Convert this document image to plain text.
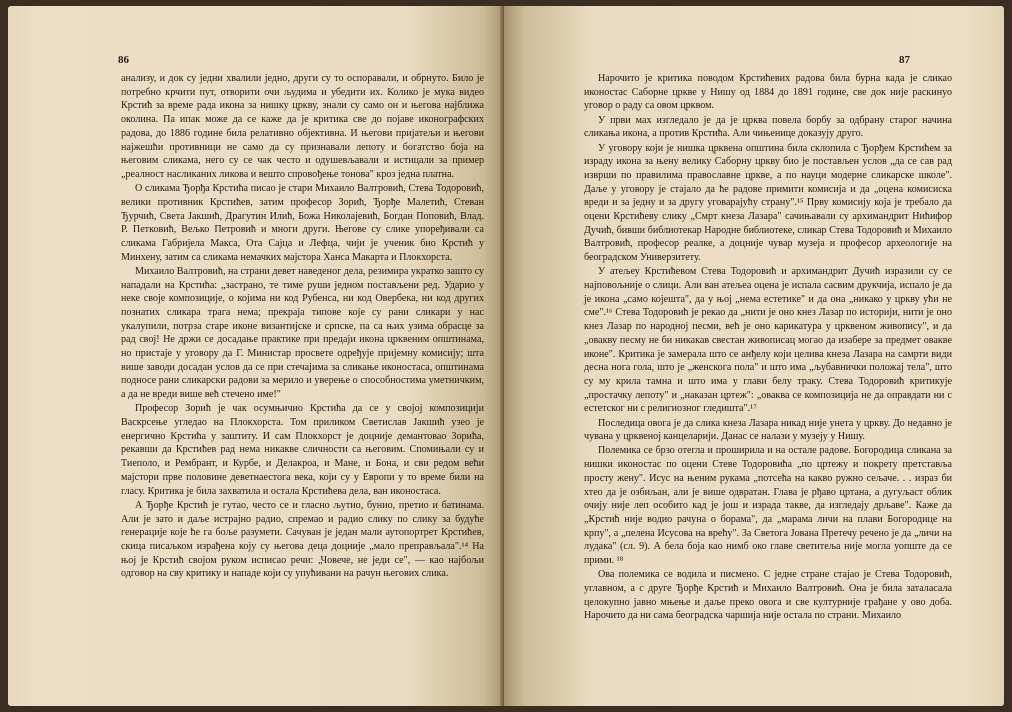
86

анализу, и док су једни хвалили једно, други су то оспоравали, и обрнуто. Било је потребно крчити пут, отворити очи људима и убедити их. Колико је мука видео Крстић за време рада икона за нишку цркву, знали су само он и његова најближа околина. Па ипак може да се каже да је критика све до појаве иконографских радова, до 1886 године била релативно објективна. И његови пријатељи и његови најжешћи противници не само да су признавали лепоту и богатство боја на његовим сликама, него су се чак често и одушевљавали и истицали за пример „реалност насликаних ликова и вешто спровођење тонова" кроз једна платна.

О сликама Ђорђа Крстића писао је стари Михаило Валтровић, Стева Тодоровић, велики противник Крстићев, затим професор Зорић, Ђорђе Малетић, Стеван Ђурчић, Света Јакшић, Драгутин Илић, Божа Николајевић, Богдан Поповић, Влад. Р. Петковић, Вељко Петровић и многи други. Његове су слике упоређивали са сликама Габријела Макса, Ота Сајца и Лефца, чији је ученик био Крстић у Минхену, затим са сликама немачких мајстора Ханса Макарта и Плокхорста.

Михаило Валтровић, на страни девет наведеног дела, резимира укратко зашто су нападали на Крстића: „застрано, те тиме руши једном постављени ред. Ударио у неке своје композиције, о којима ни код Рубенса, ни код Овербека, ни код других познатих сликара трага нема; прекраја типове које су рани сликари у нас укалупили, потрза старе иконе византијске и српске, па са њих узима обрасце за рад свој! Не држи се досадање практике при предаји икона црквеним општинама, но пристаје у уговору да Г. Министар просвете одређује пријемну комисију; шта више заводи досадан услов да се при стечајима за сликање иконостаса, општинама подносе рани сликарски радови за мерило и уверење о способностима уметничким, а да не вреди више већ стечено име!"

Професор Зорић је чак осумњичио Крстића да се у својој композицији Васкрсење угледао на Плокхорста. Том приликом Светислав Јакшић узео је енергично Крстића у заштиту. И сам Плокхорст је доцније демантовао Зорића, рекавши да Крстићев рад нема никакве сличности са његовим. Спомињали су и Тиеполо, и Рембрант, и Курбе, и Делакроа, и Мане, и Бона, и сви редом већи мајстори прве половине деветнаестога века, који су у Европи у то време били на гласу. Критика је била захватила и остала Крстићева дела, ван иконостаса.

А Ђорђе Крстић је гутао, често се и гласно љутио, бунио, претио и батинама. Али је зато и даље истрајно радио, спремао и радио слику по слику за будуће генерације које ће га боље разумети. Сачуван је један мали аутопортрет Крстићев, скица писаљком израђена коју су његова деца доцније „мало преправљала".¹⁴ На њој је Крстић својом руком исписао речи: „Човече, не једи се", — као најбољи одговор на сву критику и нападе који су упућивани на рачун његових слика.

87

Нарочито је критика поводом Крстићевих радова била бурна када је сликао иконостас Саборне цркве у Нишу од 1884 до 1891 године, све док није раскинуо уговор о раду са овом црквом.

У први мах изгледало је да је црква повела борбу за одбрану старог начина сликања икона, а против Крстића. Али чињенице доказују друго.

У уговору који је нишка црквена општина била склопила с Ђорђем Крстићем за израду икона за њену велику Саборну цркву био је постављен услов „да се сав рад изврши по правилима православне цркве, а по науци модерне сликарске школе". Даље у уговору је стајало да ће радове примити комисија и да „оцена комисиска вреди и за једну и за другу уговарајућу страну".¹⁵ Прву комисију која је требало да оцени Крстићеву слику „Смрт кнеза Лазара" сачињавали су архимандрит Нићифор Дучић, бивши библиотекар Народне библиотеке, сликар Стева Тодоровић и Михаило Валтровић, професор реалке, а доцније чувар музеја и професор археологије на београдском Универзитету.

У атељеу Крстићевом Стева Тодоровић и архимандрит Дучић изразили су се најповољније о слици. Али ван атељеа оцена је испала сасвим друкчија, испало је да је икона „само којешта", да у њој „нема естетике" и да она „никако у цркву ући не сме".¹⁶ Стева Тодоровић је рекао да „нити је оно кнез Лазар по историји, нити је оно кнез Лазар по народној песми, већ је оно карикатура у црквеном живопису", и да „овакву песму не би никакав свестан живописац могао да изабере за предмет овакве иконе". Критика је замерала што се анђелу који целива кнеза Лазара на самрти види десна нога гола, што је „женскога пола" и што има „љубавнички положај тела", што су му крила тамна и што има у глави белу траку. Стева Тодоровић критикује „простачку лепоту" и „наказан цртеж": „оваква се композиција не да оправдати ни с естетског ни с религиозног гледишта".¹⁷

Последица овога је да слика кнеза Лазара никад није унета у цркву. До недавно је чувана у црквеној канцеларији. Данас се налази у музеју у Нишу.

Полемика се брзо отегла и проширила и на остале радове. Богородица сликана за нишки иконостас по оцени Стеве Тодоровића „по цртежу и покрету претставља просту жену". Исус на њеним рукама „потсећа на какво ружно сељаче. . . израз би хтео да је озбиљан, али је више одвратан. Глава је рђаво цртана, а дугуљаст облик очију није леп особито кад је још и израда такве, да изгледају дрљаве". Каже да „Крстић није водио рачуна о борама", да „марама личи на плави Богородице на крпу", а „пелена Исусова на врећу". За Светога Јована Претечу речено је да „личи на лудака" (сл. 9). А бела боја као нимб око главе светитеља није могла уопште да се прими. ¹⁸

Ова полемика се водила и писмено. С једне стране стајао је Стева Тодоровић, углавном, а с друге Ђорђе Крстић и Михаило Валтровић. Она је била заталасала целокупно јавно мњење и даље преко овога и све културније грађане у ово доба. Нарочито да ни сама београдска чаршија није остала по страни. Михаило
